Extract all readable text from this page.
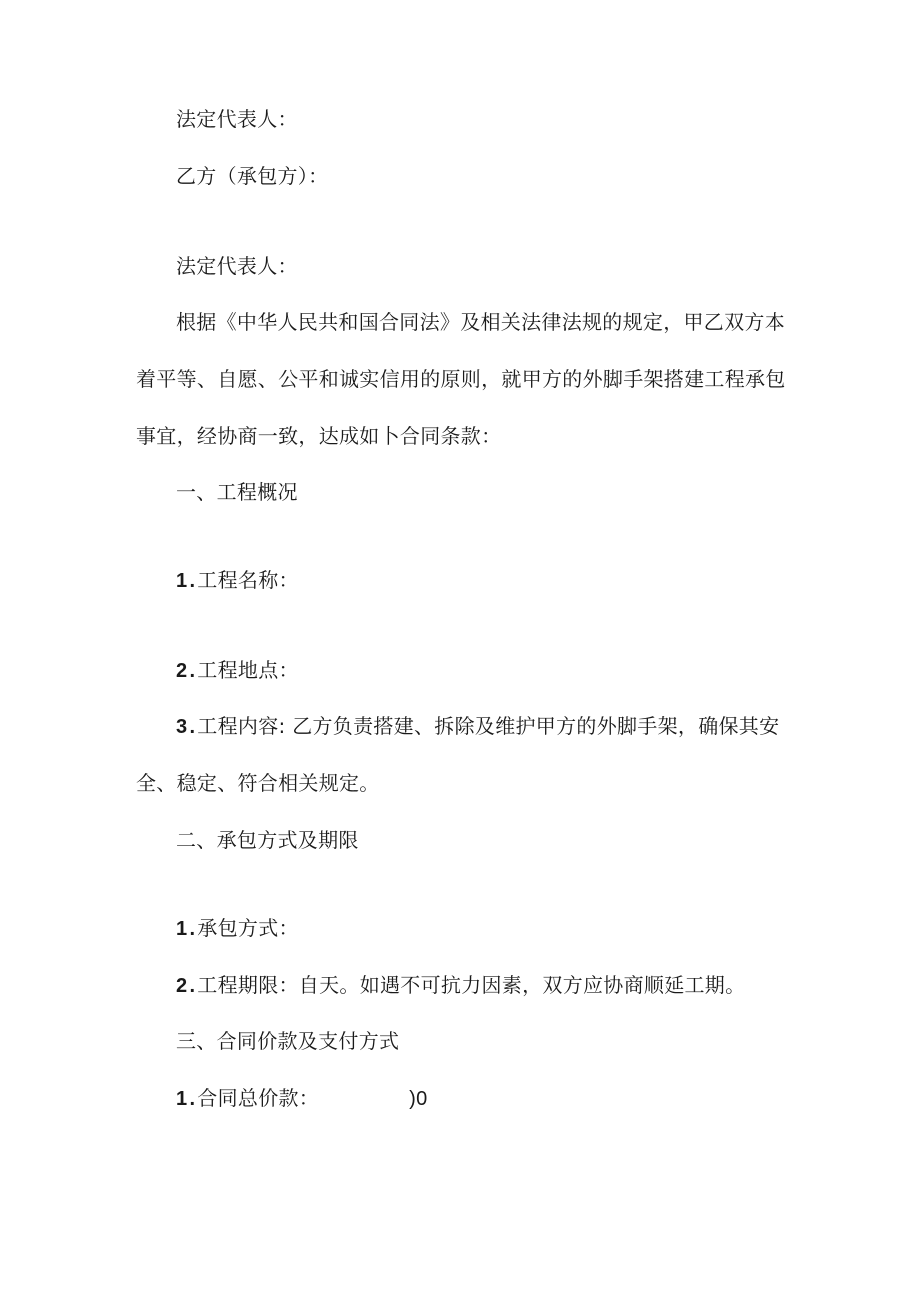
法定代表人：
乙方（承包方）：
法定代表人：
根据《中华人民共和国合同法》及相关法律法规的规定，甲乙双方本
着平等、自愿、公平和诚实信用的原则，就甲方的外脚手架搭建工程承包
事宜，经协商一致，达成如卜合同条款：
一、工程概况
1 . 工程名称：
2 . 工程地点：
3 . 工程内容: 乙方负责搭建、拆除及维护甲方的外脚手架，确保其安
全、稳定、符合相关规定。
二、承包方式及期限
1 . 承包方式：
2 . 工程期限：自天。如遇不可抗力因素，双方应协商顺延工期。
三、合同价款及支付方式
1 . 合同总价款：	)0
